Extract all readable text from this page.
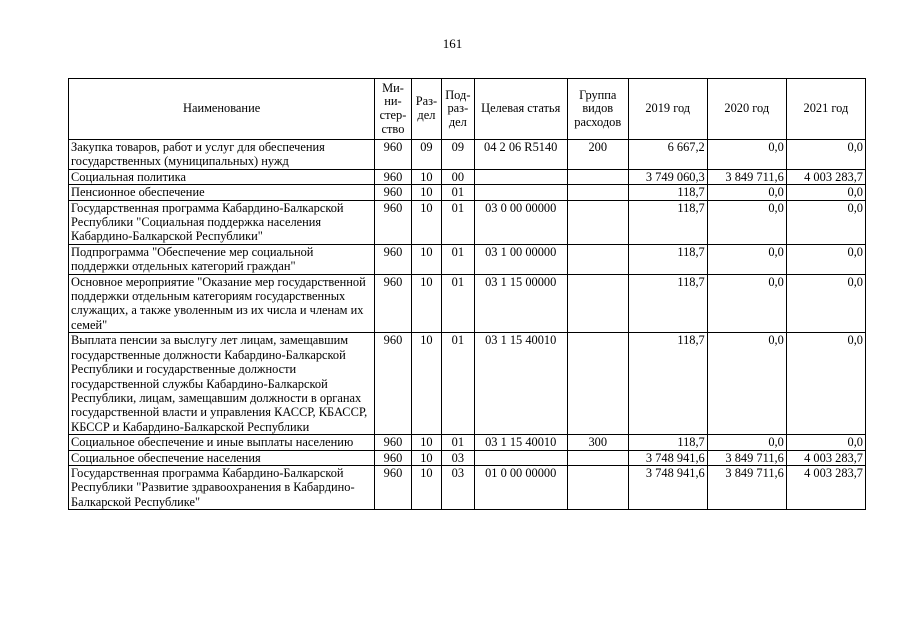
161
Наименование	Ми-ни-стер-ство	Раз-дел	Под-раз-дел	Целевая статья	Группа видов расходов	2019 год	2020 год	2021 год
Закупка товаров, работ и услуг для обеспечения государственных (муниципальных) нужд	960	09	09	04 2 06 R5140	200	6 667,2	0,0	0,0
Социальная политика	960	10	00			3 749 060,3	3 849 711,6	4 003 283,7
Пенсионное обеспечение	960	10	01			118,7	0,0	0,0
Государственная программа Кабардино-Балкарской Республики "Социальная поддержка населения Кабардино-Балкарской Республики"	960	10	01	03 0 00 00000		118,7	0,0	0,0
Подпрограмма "Обеспечение мер социальной поддержки отдельных категорий граждан"	960	10	01	03 1 00 00000		118,7	0,0	0,0
Основное мероприятие "Оказание мер государственной поддержки отдельным категориям государственных служащих, а также уволенным из их числа и членам их семей"	960	10	01	03 1 15 00000		118,7	0,0	0,0
Выплата пенсии за выслугу лет лицам, замещавшим государственные должности Кабардино-Балкарской Республики и государственные должности государственной службы Кабардино-Балкарской Республики, лицам, замещавшим должности в органах государственной власти и управления КАССР, КБАССР, КБССР и Кабардино-Балкарской Республики	960	10	01	03 1 15 40010		118,7	0,0	0,0
Социальное обеспечение и иные выплаты населению	960	10	01	03 1 15 40010	300	118,7	0,0	0,0
Социальное обеспечение населения	960	10	03			3 748 941,6	3 849 711,6	4 003 283,7
Государственная программа Кабардино-Балкарской Республики "Развитие здравоохранения в Кабардино-Балкарской Республике"	960	10	03	01 0 00 00000		3 748 941,6	3 849 711,6	4 003 283,7
